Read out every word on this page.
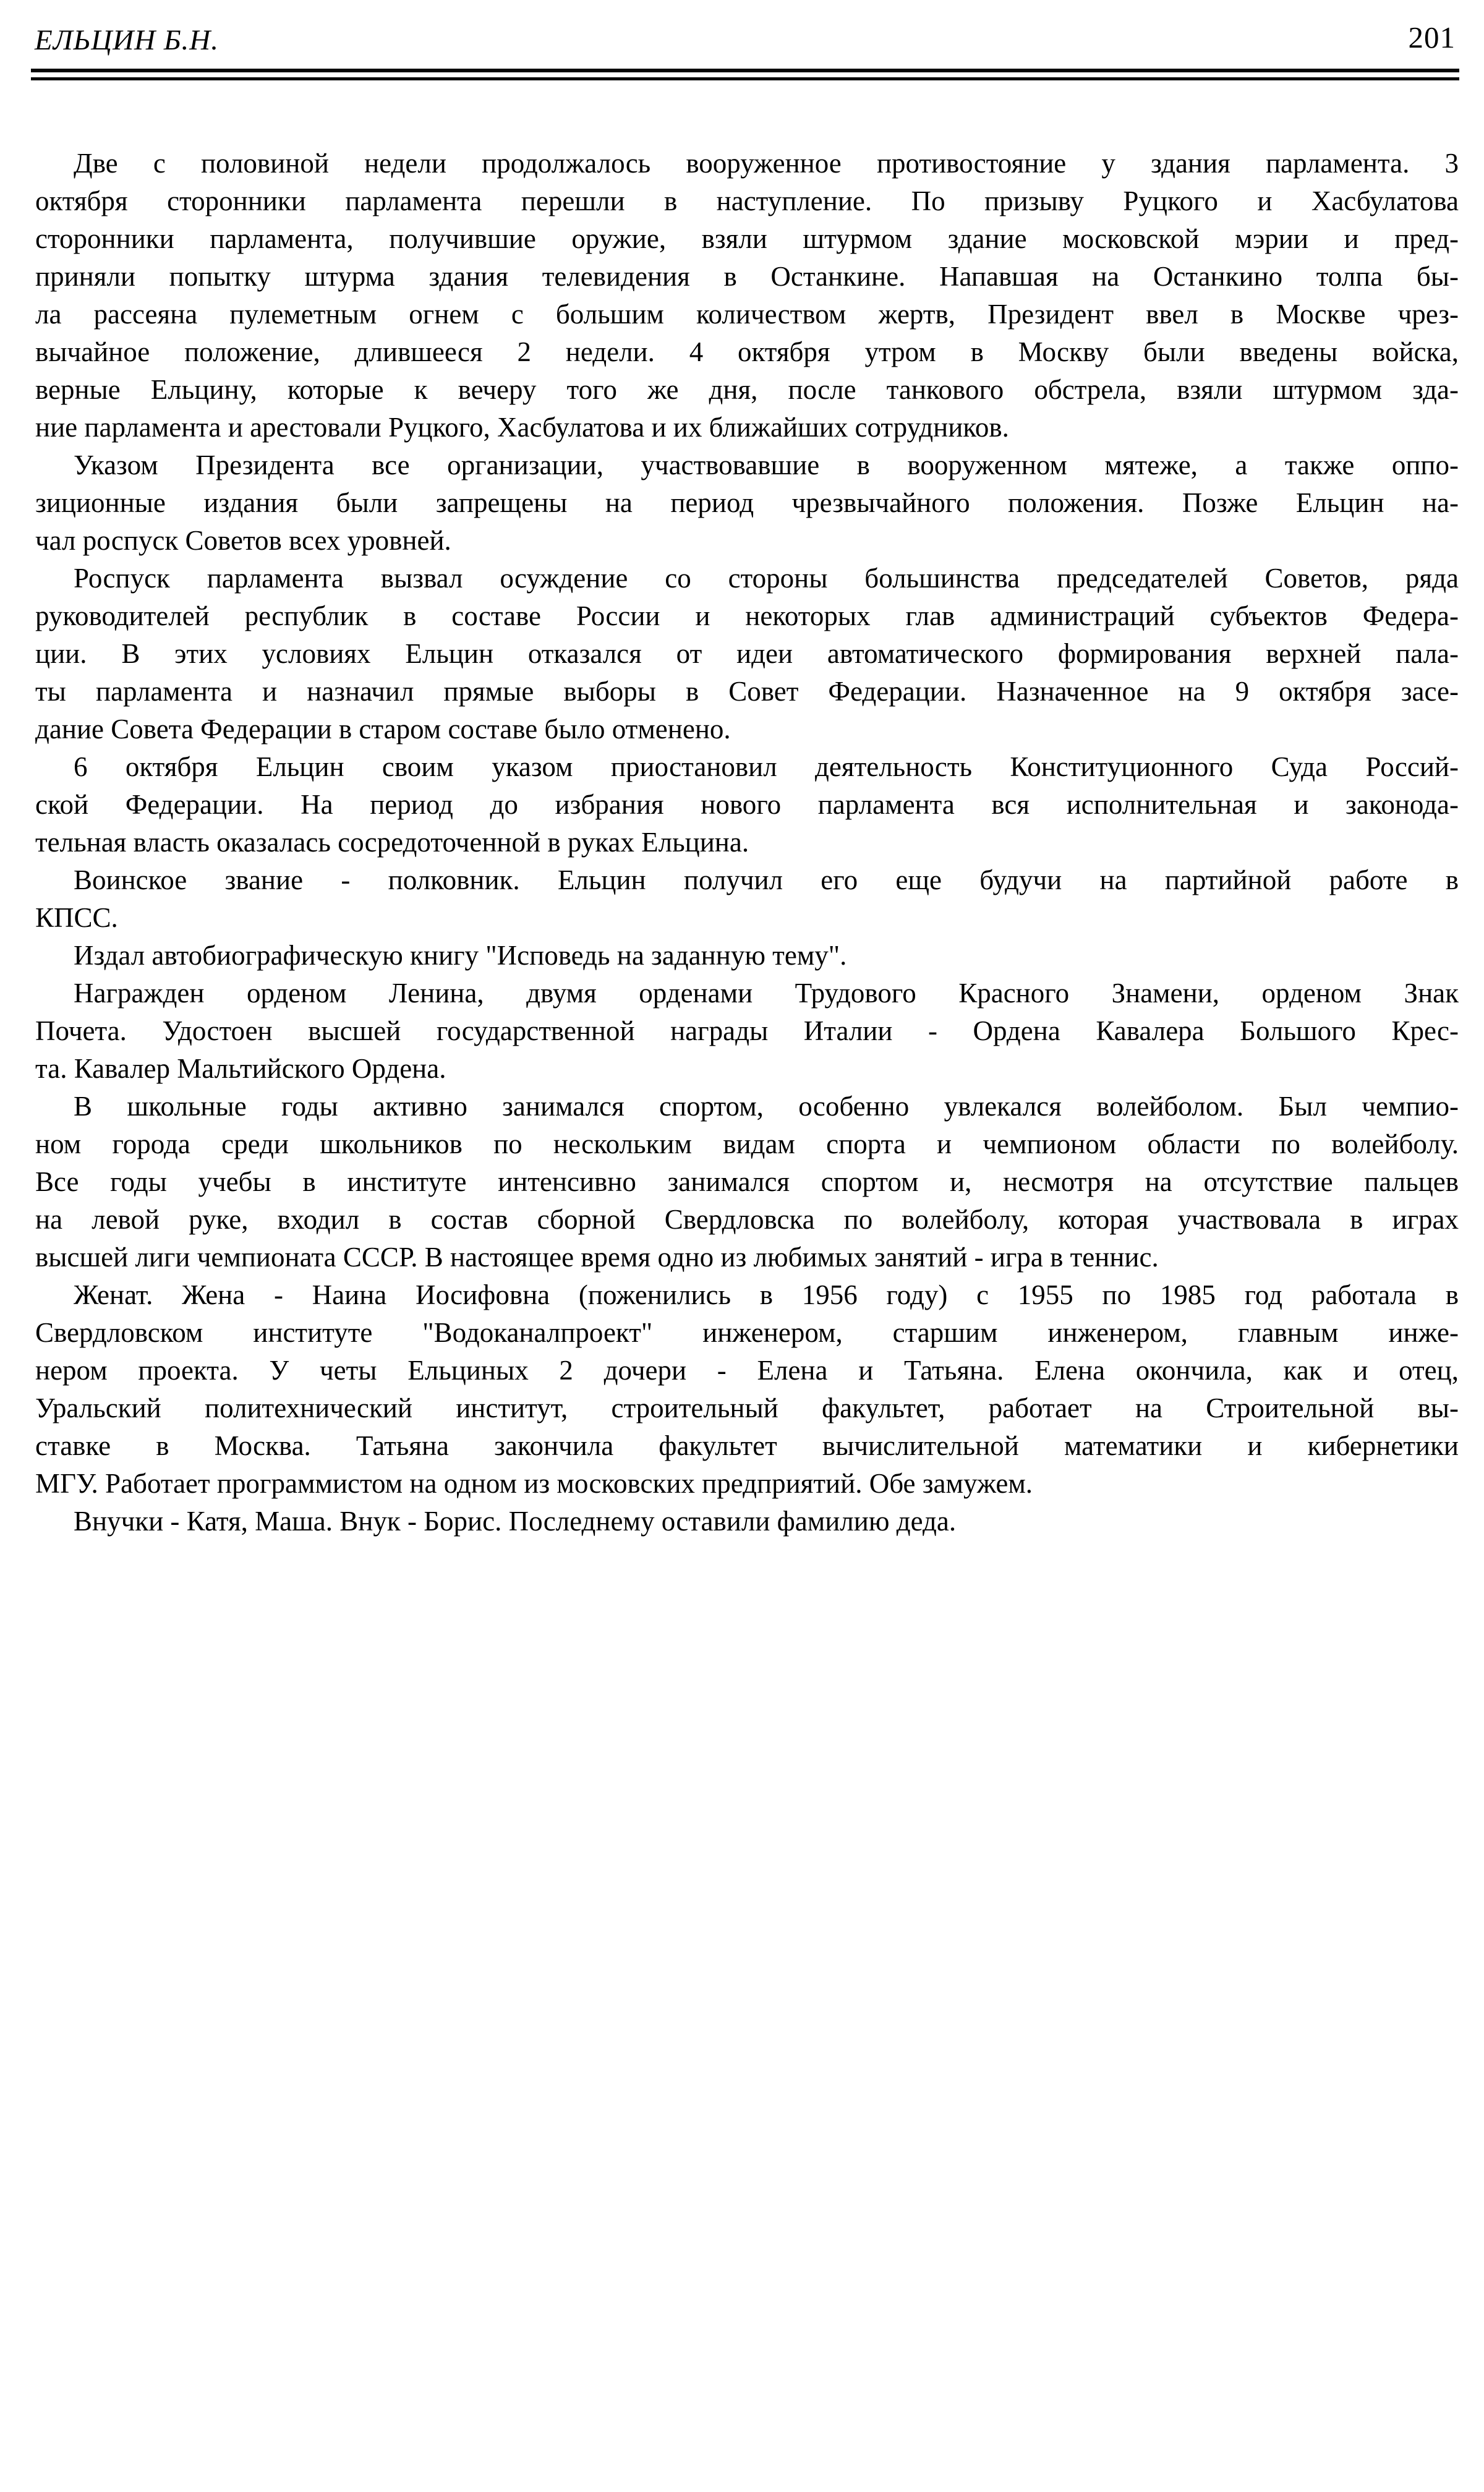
ЕЛЬЦИН Б.Н.	201
Две с половиной недели продолжалось вооруженное противостояние у здания парламента. 3
октября сторонники парламента перешли в наступление. По призыву Руцкого и Хасбулатова
сторонники парламента, получившие оружие, взяли штурмом здание московской мэрии и пред-
приняли попытку штурма здания телевидения в Останкине. Напавшая на Останкино толпа бы-
ла рассеяна пулеметным огнем с большим количеством жертв, Президент ввел в Москве чрез-
вычайное положение, длившееся 2 недели. 4 октября утром в Москву были введены войска,
верные Ельцину, которые к вечеру того же дня, после танкового обстрела, взяли штурмом зда-
ние парламента и арестовали Руцкого, Хасбулатова и их ближайших сотрудников.
Указом Президента все организации, участвовавшие в вооруженном мятеже, а также оппо-
зиционные издания были запрещены на период чрезвычайного положения. Позже Ельцин на-
чал роспуск Советов всех уровней.
Роспуск парламента вызвал осуждение со стороны большинства председателей Советов, ряда
руководителей республик в составе России и некоторых глав администраций субъектов Федера-
ции. В этих условиях Ельцин отказался от идеи автоматического формирования верхней пала-
ты парламента и назначил прямые выборы в Совет Федерации. Назначенное на 9 октября засе-
дание Совета Федерации в старом составе было отменено.
6 октября Ельцин своим указом приостановил деятельность Конституционного Суда Россий-
ской Федерации. На период до избрания нового парламента вся исполнительная и законода-
тельная власть оказалась сосредоточенной в руках Ельцина.
Воинское звание - полковник. Ельцин получил его еще будучи на партийной работе в
КПСС.
Издал автобиографическую книгу "Исповедь на заданную тему".
Награжден орденом Ленина, двумя орденами Трудового Красного Знамени, орденом Знак
Почета. Удостоен высшей государственной награды Италии - Ордена Кавалера Большого Крес-
та. Кавалер Мальтийского Ордена.
В школьные годы активно занимался спортом, особенно увлекался волейболом. Был чемпио-
ном города среди школьников по нескольким видам спорта и чемпионом области по волейболу.
Все годы учебы в институте интенсивно занимался спортом и, несмотря на отсутствие пальцев
на левой руке, входил в состав сборной Свердловска по волейболу, которая участвовала в играх
высшей лиги чемпионата СССР. В настоящее время одно из любимых занятий - игра в теннис.
Женат. Жена - Наина Иосифовна (поженились в 1956 году) с 1955 по 1985 год работала в
Свердловском институте "Водоканалпроект" инженером, старшим инженером, главным инже-
нером проекта. У четы Ельциных 2 дочери - Елена и Татьяна. Елена окончила, как и отец,
Уральский политехнический институт, строительный факультет, работает на Строительной вы-
ставке в Москва. Татьяна закончила факультет вычислительной математики и кибернетики
МГУ. Работает программистом на одном из московских предприятий. Обе замужем.
Внучки - Катя, Маша. Внук - Борис. Последнему оставили фамилию деда.
